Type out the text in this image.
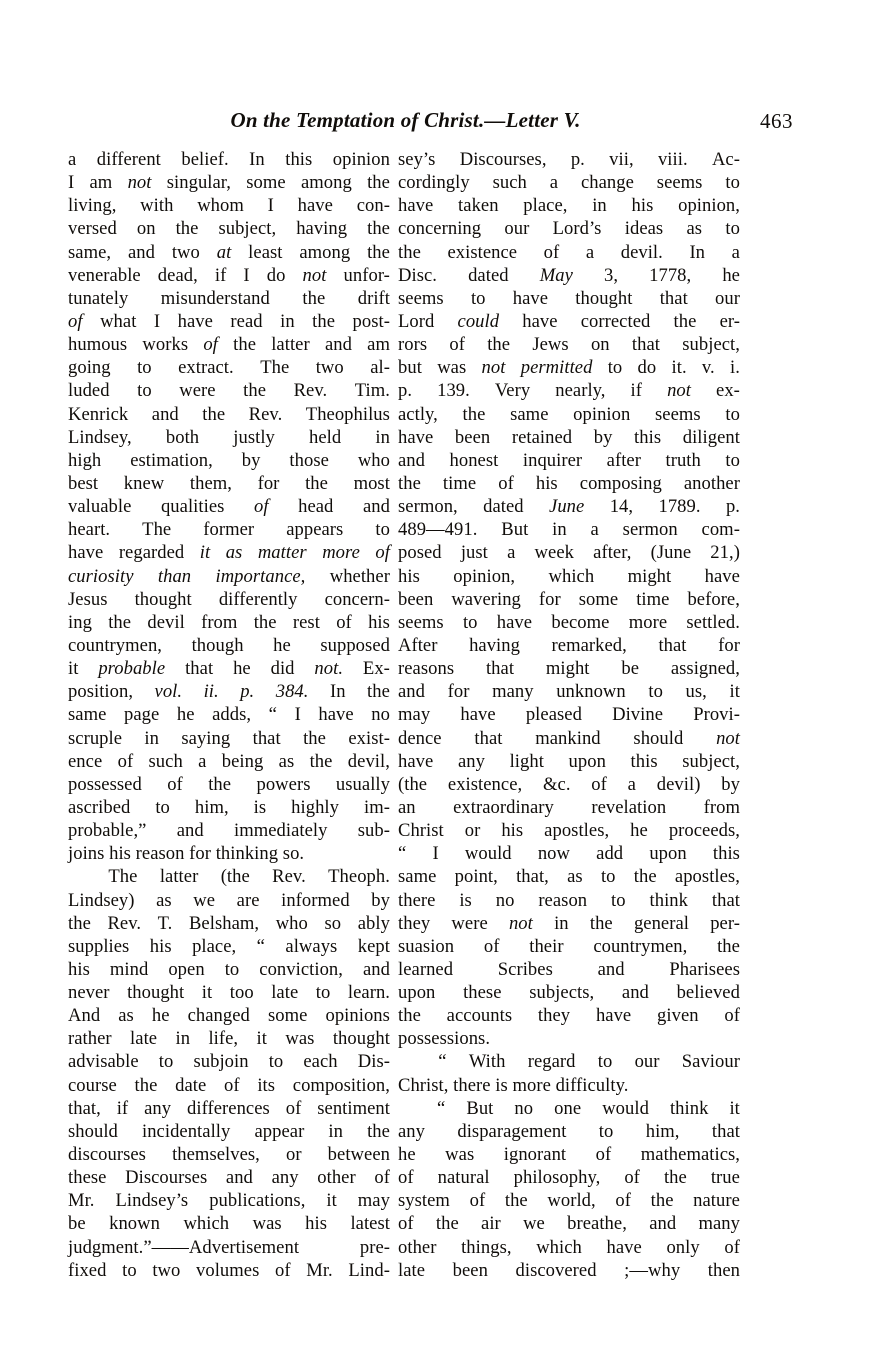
On the Temptation of Christ.—Letter V.	463
a different belief. In this opinion
I am not singular, some among the
living, with whom I have con-
versed on the subject, having the
same, and two at least among the
venerable dead, if I do not unfor-
tunately misunderstand the drift
of what I have read in the post-
humous works of the latter and am
going to extract. The two al-
luded to were the Rev. Tim.
Kenrick and the Rev. Theophilus
Lindsey, both justly held in
high estimation, by those who
best knew them, for the most
valuable qualities of head and
heart. The former appears to
have regarded it as matter more of
curiosity than importance, whether
Jesus thought differently concern-
ing the devil from the rest of his
countrymen, though he supposed
it probable that he did not. Ex-
position, vol. ii. p. 384. In the
same page he adds, “ I have no
scruple in saying that the exist-
ence of such a being as the devil,
possessed of the powers usually
ascribed to him, is highly im-
probable,” and immediately sub-
joins his reason for thinking so.
The latter (the Rev. Theoph.
Lindsey) as we are informed by
the Rev. T. Belsham, who so ably
supplies his place, “ always kept
his mind open to conviction, and
never thought it too late to learn.
And as he changed some opinions
rather late in life, it was thought
advisable to subjoin to each Dis-
course the date of its composition,
that, if any differences of sentiment
should incidentally appear in the
discourses themselves, or between
these Discourses and any other of
Mr. Lindsey’s publications, it may
be known which was his latest
judgment.”——Advertisement	pre-
fixed to two volumes of Mr. Lind-
sey’s Discourses, p. vii, viii. Ac-
cordingly such a change seems to
have taken place, in his opinion,
concerning our Lord’s ideas as to
the existence of a devil. In a
Disc. dated May 3, 1778, he
seems to have thought that our
Lord could have corrected the er-
rors of the Jews on that subject,
but was not permitted to do it. v. i.
p. 139. Very nearly, if not ex-
actly, the same opinion seems to
have been retained by this diligent
and honest inquirer after truth to
the time of his composing another
sermon, dated June 14, 1789. p.
489—491. But in a sermon com-
posed just a week after, (June 21,)
his opinion, which might have
been wavering for some time before,
seems to have become more settled.
After having remarked, that for
reasons that might be assigned,
and for many unknown to us, it
may have pleased Divine Provi-
dence that mankind should not
have any light upon this subject,
(the existence, &c. of a devil) by
an extraordinary revelation from
Christ or his apostles, he proceeds,
“ I would now add upon this
same point, that, as to the apostles,
there is no reason to think that
they were not in the general per-
suasion of their countrymen, the
learned Scribes and Pharisees
upon these subjects, and believed
the accounts they have given of
possessions.
“ With regard to our Saviour
Christ, there is more difficulty.
“ But no one would think it
any disparagement to him, that
he was ignorant of mathematics,
of natural philosophy, of the true
system of the world, of the nature
of the air we breathe, and many
other things, which have only of
late been discovered ;—why then
